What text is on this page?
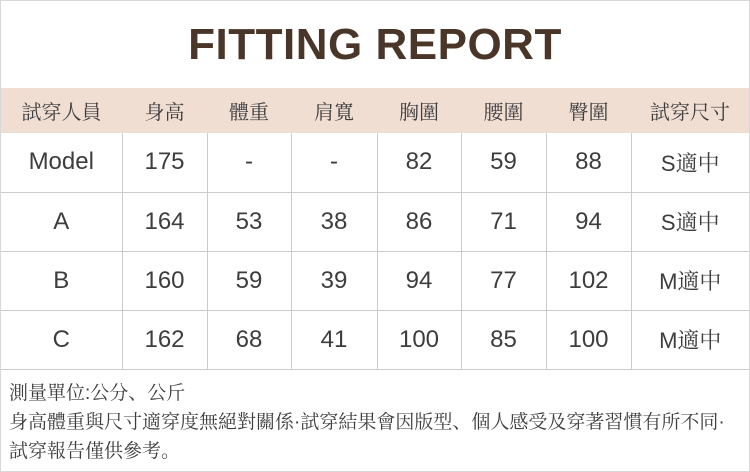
FITTING REPORT
試穿人員	身高	體重	肩寬	胸圍	腰圍	臀圍	試穿尺寸
Model	175	-	-	82	59	88	S適中
A	164	53	38	86	71	94	S適中
B	160	59	39	94	77	102	M適中
C	162	68	41	100	85	100	M適中

測量單位:公分、公斤

身高體重與尺寸適穿度無絕對關係·試穿結果會因版型、個人感受及穿著習慣有所不同·試穿報告僅供參考。
